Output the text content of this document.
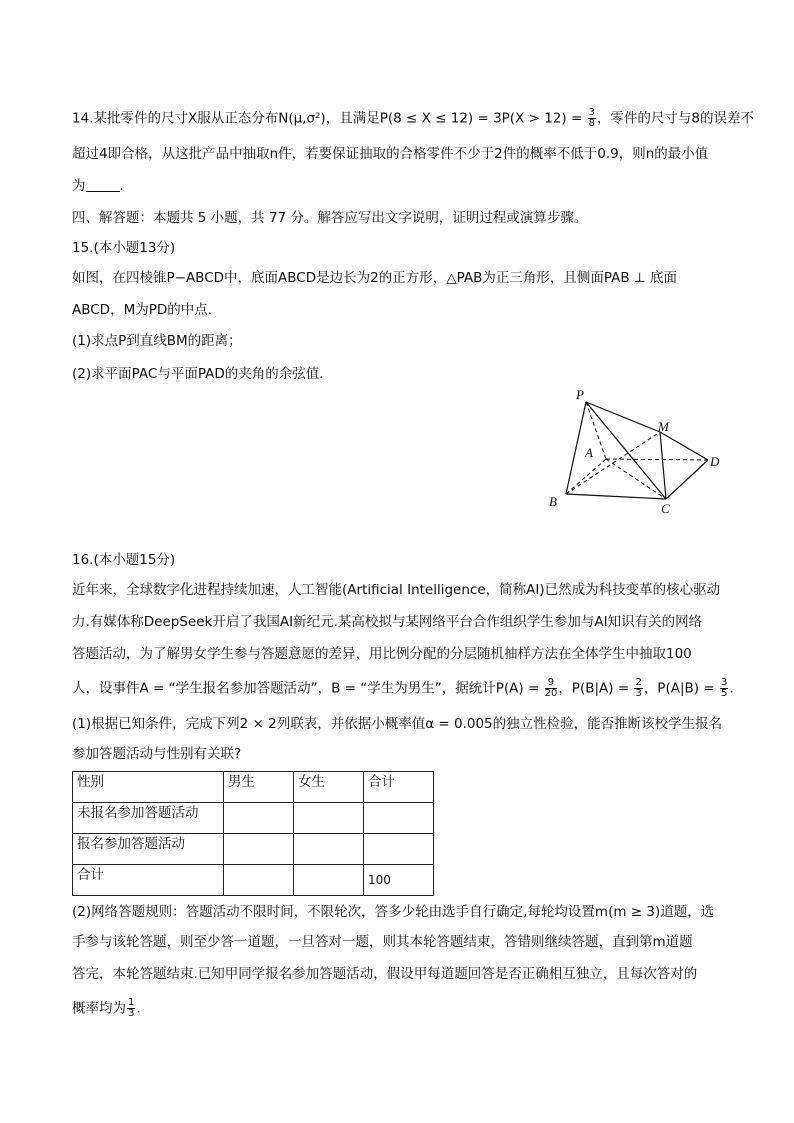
14.某批零件的尺寸X服从正态分布N(μ,σ²)，且满足$P(8 \le X \le 12) = 3P(X > 12) = \frac{3}{8}$ ，零件的尺寸与8的误差不
超过4即合格，从这批产品中抽取n件，若要保证抽取的合格零件不少于2件的概率不低于0.9，则n的最小值
为	．
四、解答题：本题共 5 小题，共 77 分。解答应写出文字说明，证明过程或演算步骤。
15.(本小题13分)
如图，在四棱锥P−ABCD中，底面ABCD是边长为2的正方形，△PAB为正三角形，且侧面PAB ⊥ 底面
ABCD，M为PD的中点．
(1)求点P到直线BM的距离；
(2)求平面PAC与平面PAD的夹角的余弦值．
P
A
B	C
D
M
16.(本小题15分)
近年来，全球数字化进程持续加速，人工智能(Artificial Intelligence，简称AI)已然成为科技变革的核心驱动
力.有媒体称DeepSeek开启了我国AI新纪元.某高校拟与某网络平台合作组织学生参加与AI知识有关的网络
答题活动，为了解男女学生参与答题意愿的差异，用比例分配的分层随机抽样方法在全体学生中抽取100
人，设事件A = “学生报名参加答题活动”，B = “学生为男生”，据统计$P(A) = \frac{9}{20}$ ，$P(B|A) = \frac{2}{3}$ ，$P(A|B) = \frac{3}{5}$ .
(1)根据已知条件，完成下列2 × 2列联表，并依据小概率值α = 0.005的独立性检验，能否推断该校学生报名
参加答题活动与性别有关联?
性别	男生	女生	合计
未报名参加答题活动			
报名参加答题活动			
合计			100
(2)网络答题规则：答题活动不限时间，不限轮次，答多少轮由选手自行确定,每轮均设置m(m ≥ 3)道题，选
手参与该轮答题，则至少答一道题，一旦答对一题，则其本轮答题结束，答错则继续答题，直到第m道题
答完，本轮答题结束.已知甲同学报名参加答题活动，假设甲每道题回答是否正确相互独立，且每次答对的
概率均为 $\frac{1}{3}$ .
